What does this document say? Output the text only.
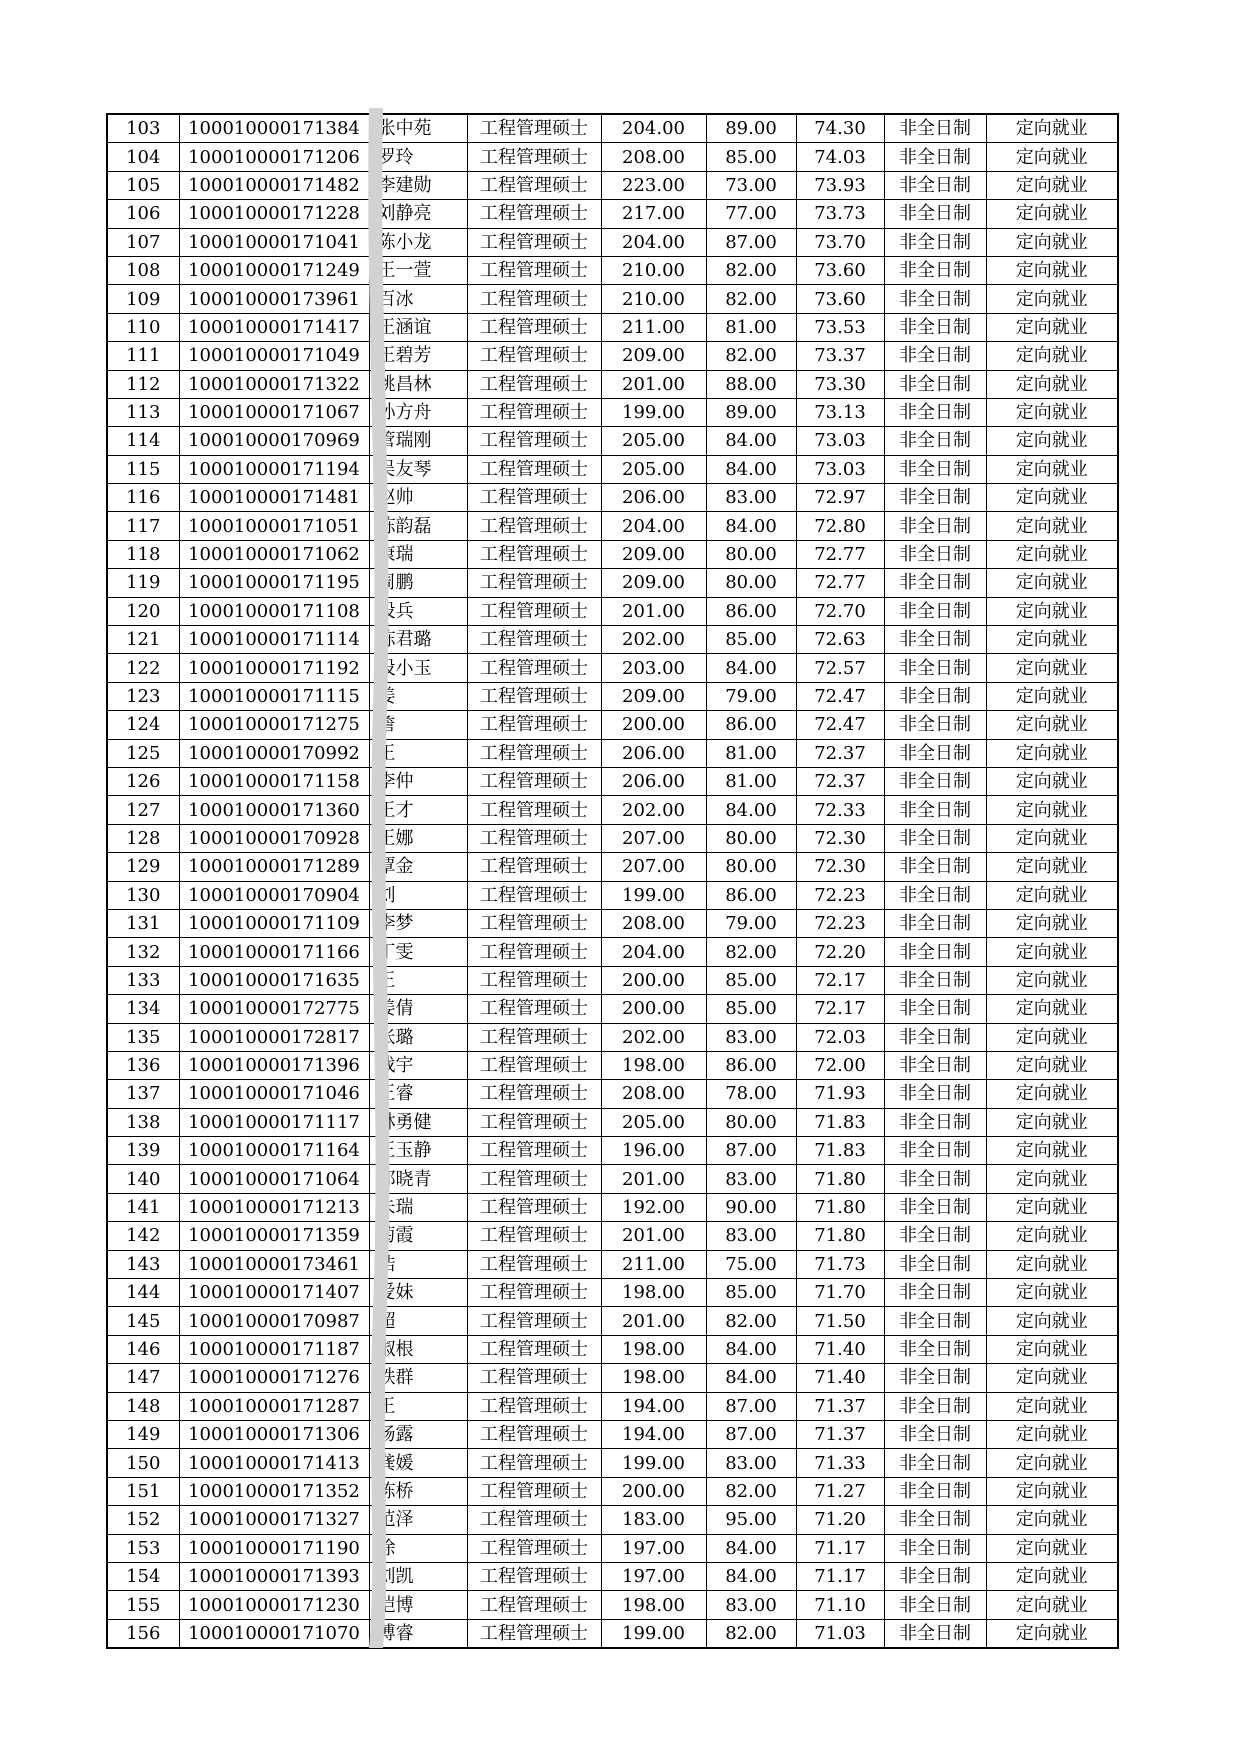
103	100010000171384	张中苑	工程管理硕士	204.00	89.00	74.30	非全日制	定向就业
104	100010000171206	罗玲	工程管理硕士	208.00	85.00	74.03	非全日制	定向就业
105	100010000171482	李建勋	工程管理硕士	223.00	73.00	73.93	非全日制	定向就业
106	100010000171228	刘静亮	工程管理硕士	217.00	77.00	73.73	非全日制	定向就业
107	100010000171041	陈小龙	工程管理硕士	204.00	87.00	73.70	非全日制	定向就业
108	100010000171249	王一萱	工程管理硕士	210.00	82.00	73.60	非全日制	定向就业
109	100010000173961	百冰	工程管理硕士	210.00	82.00	73.60	非全日制	定向就业
110	100010000171417	王涵谊	工程管理硕士	211.00	81.00	73.53	非全日制	定向就业
111	100010000171049	王碧芳	工程管理硕士	209.00	82.00	73.37	非全日制	定向就业
112	100010000171322	姚昌林	工程管理硕士	201.00	88.00	73.30	非全日制	定向就业
113	100010000171067	孙方舟	工程管理硕士	199.00	89.00	73.13	非全日制	定向就业
114	100010000170969	管瑞刚	工程管理硕士	205.00	84.00	73.03	非全日制	定向就业
115	100010000171194	吴友琴	工程管理硕士	205.00	84.00	73.03	非全日制	定向就业
116	100010000171481	赵帅	工程管理硕士	206.00	83.00	72.97	非全日制	定向就业
117	100010000171051	陈韵磊	工程管理硕士	204.00	84.00	72.80	非全日制	定向就业
118	100010000171062	康瑞	工程管理硕士	209.00	80.00	72.77	非全日制	定向就业
119	100010000171195	周鹏	工程管理硕士	209.00	80.00	72.77	非全日制	定向就业
120	100010000171108	段兵	工程管理硕士	201.00	86.00	72.70	非全日制	定向就业
121	100010000171114	陈君璐	工程管理硕士	202.00	85.00	72.63	非全日制	定向就业
122	100010000171192	段小玉	工程管理硕士	203.00	84.00	72.57	非全日制	定向就业
123	100010000171115	姜	工程管理硕士	209.00	79.00	72.47	非全日制	定向就业
124	100010000171275	詹	工程管理硕士	200.00	86.00	72.47	非全日制	定向就业
125	100010000170992	王	工程管理硕士	206.00	81.00	72.37	非全日制	定向就业
126	100010000171158	李仲	工程管理硕士	206.00	81.00	72.37	非全日制	定向就业
127	100010000171360	王才	工程管理硕士	202.00	84.00	72.33	非全日制	定向就业
128	100010000170928	王娜	工程管理硕士	207.00	80.00	72.30	非全日制	定向就业
129	100010000171289	覃金	工程管理硕士	207.00	80.00	72.30	非全日制	定向就业
130	100010000170904	刘	工程管理硕士	199.00	86.00	72.23	非全日制	定向就业
131	100010000171109	李梦	工程管理硕士	208.00	79.00	72.23	非全日制	定向就业
132	100010000171166	丁雯	工程管理硕士	204.00	82.00	72.20	非全日制	定向就业
133	100010000171635	王	工程管理硕士	200.00	85.00	72.17	非全日制	定向就业
134	100010000172775	姜倩	工程管理硕士	200.00	85.00	72.17	非全日制	定向就业
135	100010000172817	张璐	工程管理硕士	202.00	83.00	72.03	非全日制	定向就业
136	100010000171396	战宇	工程管理硕士	198.00	86.00	72.00	非全日制	定向就业
137	100010000171046	王睿	工程管理硕士	208.00	78.00	71.93	非全日制	定向就业
138	100010000171117	林勇健	工程管理硕士	205.00	80.00	71.83	非全日制	定向就业
139	100010000171164	王玉静	工程管理硕士	196.00	87.00	71.83	非全日制	定向就业
140	100010000171064	郭晓青	工程管理硕士	201.00	83.00	71.80	非全日制	定向就业
141	100010000171213	朱瑞	工程管理硕士	192.00	90.00	71.80	非全日制	定向就业
142	100010000171359	菊霞	工程管理硕士	201.00	83.00	71.80	非全日制	定向就业
143	100010000173461	浩	工程管理硕士	211.00	75.00	71.73	非全日制	定向就业
144	100010000171407	爱妹	工程管理硕士	198.00	85.00	71.70	非全日制	定向就业
145	100010000170987	超	工程管理硕士	201.00	82.00	71.50	非全日制	定向就业
146	100010000171187	淑根	工程管理硕士	198.00	84.00	71.40	非全日制	定向就业
147	100010000171276	铁群	工程管理硕士	198.00	84.00	71.40	非全日制	定向就业
148	100010000171287	王	工程管理硕士	194.00	87.00	71.37	非全日制	定向就业
149	100010000171306	杨露	工程管理硕士	194.00	87.00	71.37	非全日制	定向就业
150	100010000171413	龚媛	工程管理硕士	199.00	83.00	71.33	非全日制	定向就业
151	100010000171352	陈桥	工程管理硕士	200.00	82.00	71.27	非全日制	定向就业
152	100010000171327	范泽	工程管理硕士	183.00	95.00	71.20	非全日制	定向就业
153	100010000171190	徐	工程管理硕士	197.00	84.00	71.17	非全日制	定向就业
154	100010000171393	刘凯	工程管理硕士	197.00	84.00	71.17	非全日制	定向就业
155	100010000171230	恺博	工程管理硕士	198.00	83.00	71.10	非全日制	定向就业
156	100010000171070	博睿	工程管理硕士	199.00	82.00	71.03	非全日制	定向就业
